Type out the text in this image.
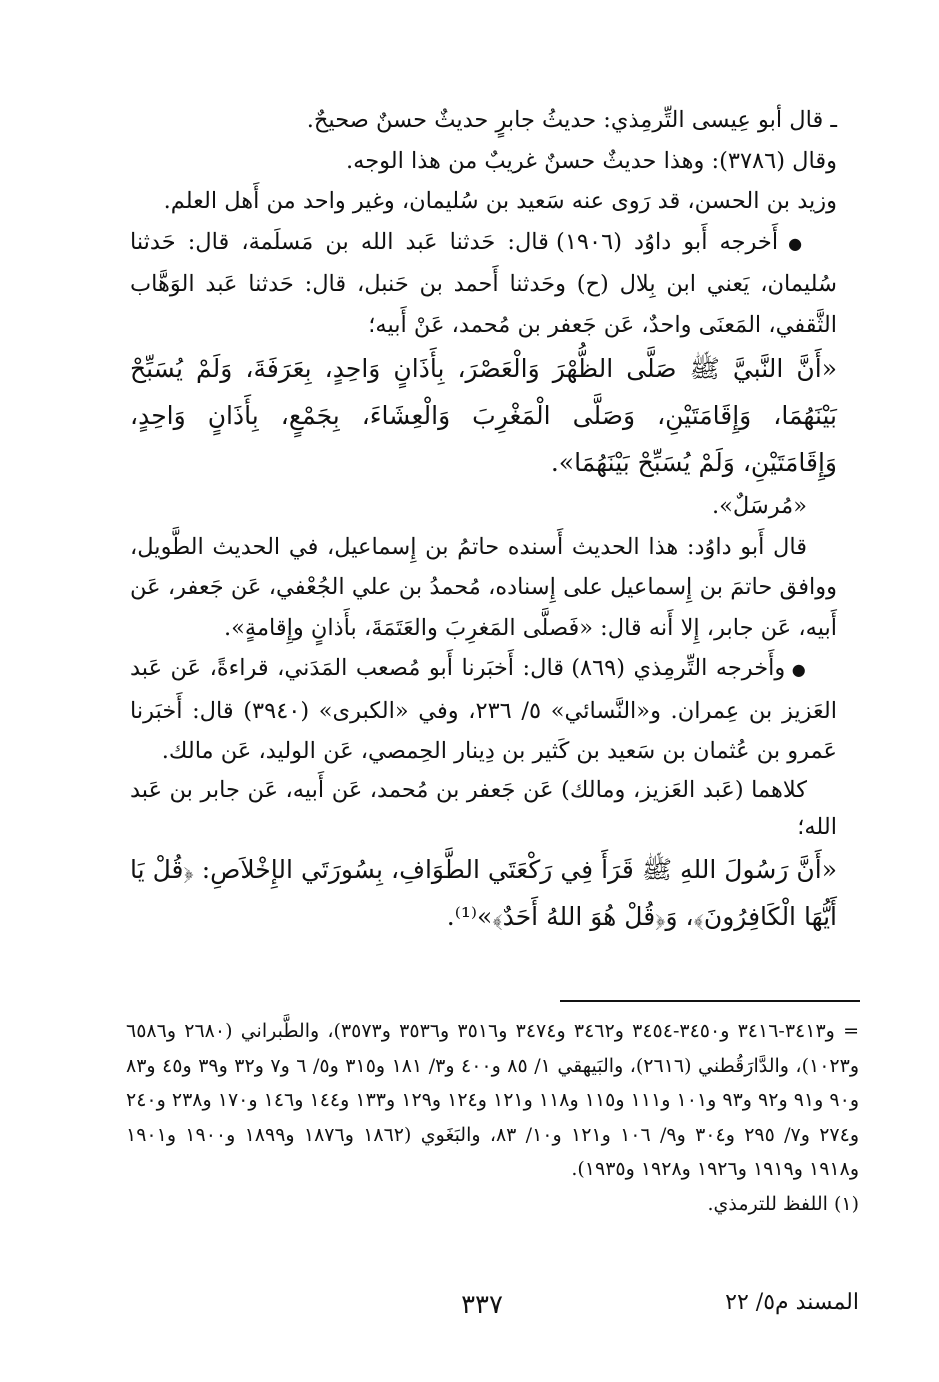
ـ قال أبو عِيسى التِّرمِذي: حديثُ جابرٍ حديثٌ حسنٌ صحيحٌ.

وقال (٣٧٨٦): وهذا حديثٌ حسنٌ غريبٌ من هذا الوجه.

وزيد بن الحسن، قد رَوى عنه سَعيد بن سُليمان، وغير واحد من أَهل العلم.

● أَخرجه أَبو داوُد (١٩٠٦) قال: حَدثنا عَبد الله بن مَسلَمة، قال: حَدثنا سُليمان، يَعني ابن بِلال (ح) وحَدثنا أَحمد بن حَنبل، قال: حَدثنا عَبد الوَهَّاب الثَّقفي، المَعنَى واحدٌ، عَن جَعفر بن مُحمد، عَنْ أَبيه؛

«أَنَّ النَّبيَّ ﷺ صَلَّى الظُّهْرَ وَالْعَصْرَ، بِأَذَانٍ وَاحِدٍ، بِعَرَفَةَ، وَلَمْ يُسَبِّحْ بَيْنَهُمَا، وَإِقَامَتَيْنِ، وَصَلَّى الْمَغْرِبَ وَالْعِشَاءَ، بِجَمْعٍ، بِأَذَانٍ وَاحِدٍ، وَإِقَامَتَيْنِ، وَلَمْ يُسَبِّحْ بَيْنَهُمَا».

«مُرسَلٌ».

قال أَبو داوُد: هذا الحديث أَسنده حاتمُ بن إِسماعيل، في الحديث الطَّويل، ووافق حاتمَ بن إِسماعيل على إِسناده، مُحمدُ بن علي الجُعْفي، عَن جَعفر، عَن أَبيه، عَن جابر، إِلا أَنه قال: «فَصلَّى المَغرِبَ والعَتَمَةَ، بأَذانٍ وإِقامةٍ».

● وأَخرجه التِّرمِذي (٨٦٩) قال: أَخبَرنا أَبو مُصعب المَدَني، قراءةً، عَن عَبد العَزيز بن عِمران. و«النَّسائي» ٥/ ٢٣٦، وفي «الكبرى» (٣٩٤٠) قال: أَخبَرنا عَمرو بن عُثمان بن سَعيد بن كَثير بن دِينار الحِمصي، عَن الوليد، عَن مالك.

كلاهما (عَبد العَزيز، ومالك) عَن جَعفر بن مُحمد، عَن أَبيه، عَن جابر بن عَبد الله؛

«أَنَّ رَسُولَ اللهِ ﷺ قَرَأَ فِي رَكْعَتَي الطَّوَافِ، بِسُورَتَي الإِخْلاَصِ: ﴿قُلْ يَا أَيُّهَا الْكَافِرُونَ﴾، وَ﴿قُلْ هُوَ اللهُ أَحَدٌ﴾»⁽¹⁾.

= و٣٤١٣-٣٤١٦ و٣٤٥٠-٣٤٥٤ و٣٤٦٢ و٣٤٧٤ و٣٥١٦ و٣٥٣٦ و٣٥٧٣)، والطَّبراني (٢٦٨٠ و٦٥٨٦ و١٠٢٣)، والدَّارَقُطني (٢٦١٦)، والبَيهقي ١/ ٨٥ و٤٠٠ و٣/ ١٨١ و٣١٥ و٥/ ٦ و٧ و٣٢ و٣٩ و٤٥ و٨٣ و٩٠ و٩١ و٩٢ و٩٣ و١٠١ و١١١ و١١٥ و١١٨ و١٢١ و١٢٤ و١٢٩ و١٣٣ و١٤٤ و١٤٦ و١٧٠ و٢٣٨ و٢٤٠ و٢٧٤ و٧/ ٢٩٥ و٣٠٤ و٩/ ١٠٦ و١٢١ و١٠/ ٨٣، والبَغَوي (١٨٦٢ و١٨٧٦ و١٨٩٩ و١٩٠٠ و١٩٠١ و١٩١٨ و١٩١٩ و١٩٢٦ و١٩٢٨ و١٩٣٥).

(١) اللفظ للترمذي.

المسند م٥/ ٢٢
٣٣٧
